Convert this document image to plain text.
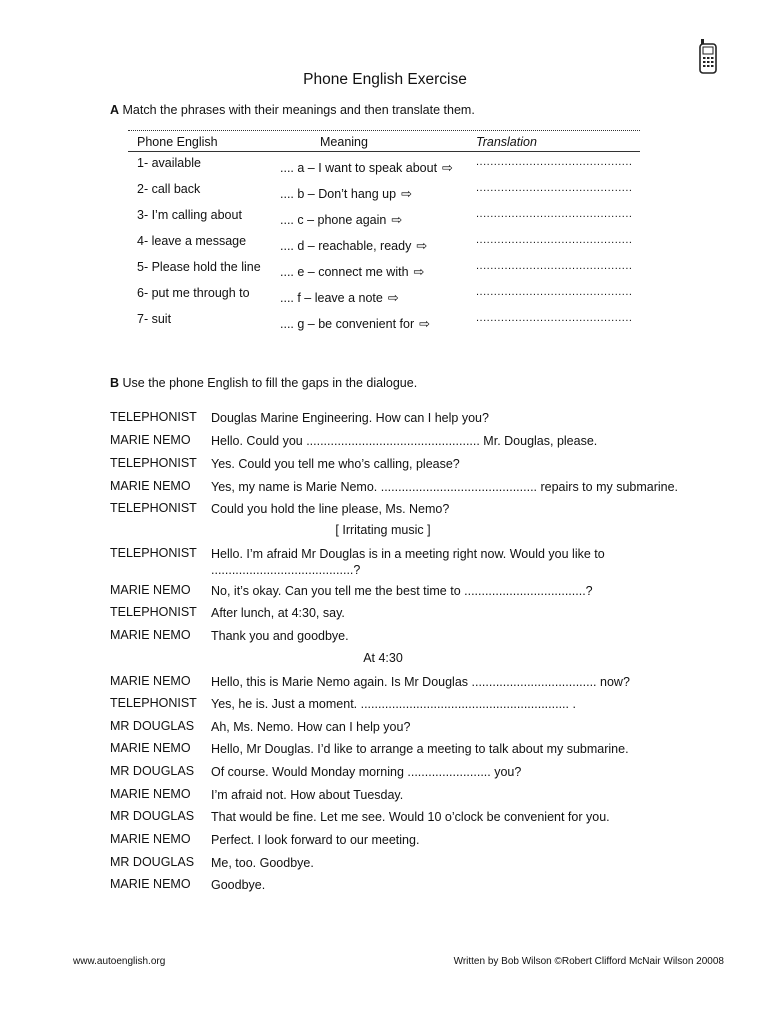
Phone English Exercise
A Match the phrases with their meanings and then translate them.
Phone English	Meaning	Translation
1- available	.... a – I want to speak about ⇨ ............................................
2- call back	.... b – Don’t hang up ⇨	............................................
3- I’m calling about	.... c – phone again ⇨	............................................
4- leave a message	.... d – reachable, ready ⇨	............................................
5- Please hold the line .... e – connect me with ⇨	............................................
6- put me through to .... f – leave a note ⇨	............................................
7- suit	.... g – be convenient for ⇨	............................................
B Use the phone English to fill the gaps in the dialogue.
TELEPHONIST Douglas Marine Engineering. How can I help you?
MARIE NEMO Hello. Could you .................................................. Mr. Douglas, please.
TELEPHONIST Yes. Could you tell me who’s calling, please?
MARIE NEMO Yes, my name is Marie Nemo. ............................................. repairs to my submarine.
TELEPHONIST Could you hold the line please, Ms. Nemo?
[ Irritating music ]
TELEPHONIST Hello. I’m afraid Mr Douglas is in a meeting right now. Would you like to .........................................?
MARIE NEMO No, it’s okay. Can you tell me the best time to ...................................?
TELEPHONIST After lunch, at 4:30, say.
MARIE NEMO Thank you and goodbye.
At 4:30
MARIE NEMO Hello, this is Marie Nemo again. Is Mr Douglas .................................... now?
TELEPHONIST Yes, he is. Just a moment. ............................................................ .
MR DOUGLAS Ah, Ms. Nemo. How can I help you?
MARIE NEMO Hello, Mr Douglas. I’d like to arrange a meeting to talk about my submarine.
MR DOUGLAS Of course. Would Monday morning ........................ you?
MARIE NEMO I’m afraid not. How about Tuesday.
MR DOUGLAS That would be fine. Let me see. Would 10 o’clock be convenient for you.
MARIE NEMO Perfect. I look forward to our meeting.
MR DOUGLAS Me, too. Goodbye.
MARIE NEMO Goodbye.
www.autoenglish.org	Written by Bob Wilson ©Robert Clifford McNair Wilson 20008
